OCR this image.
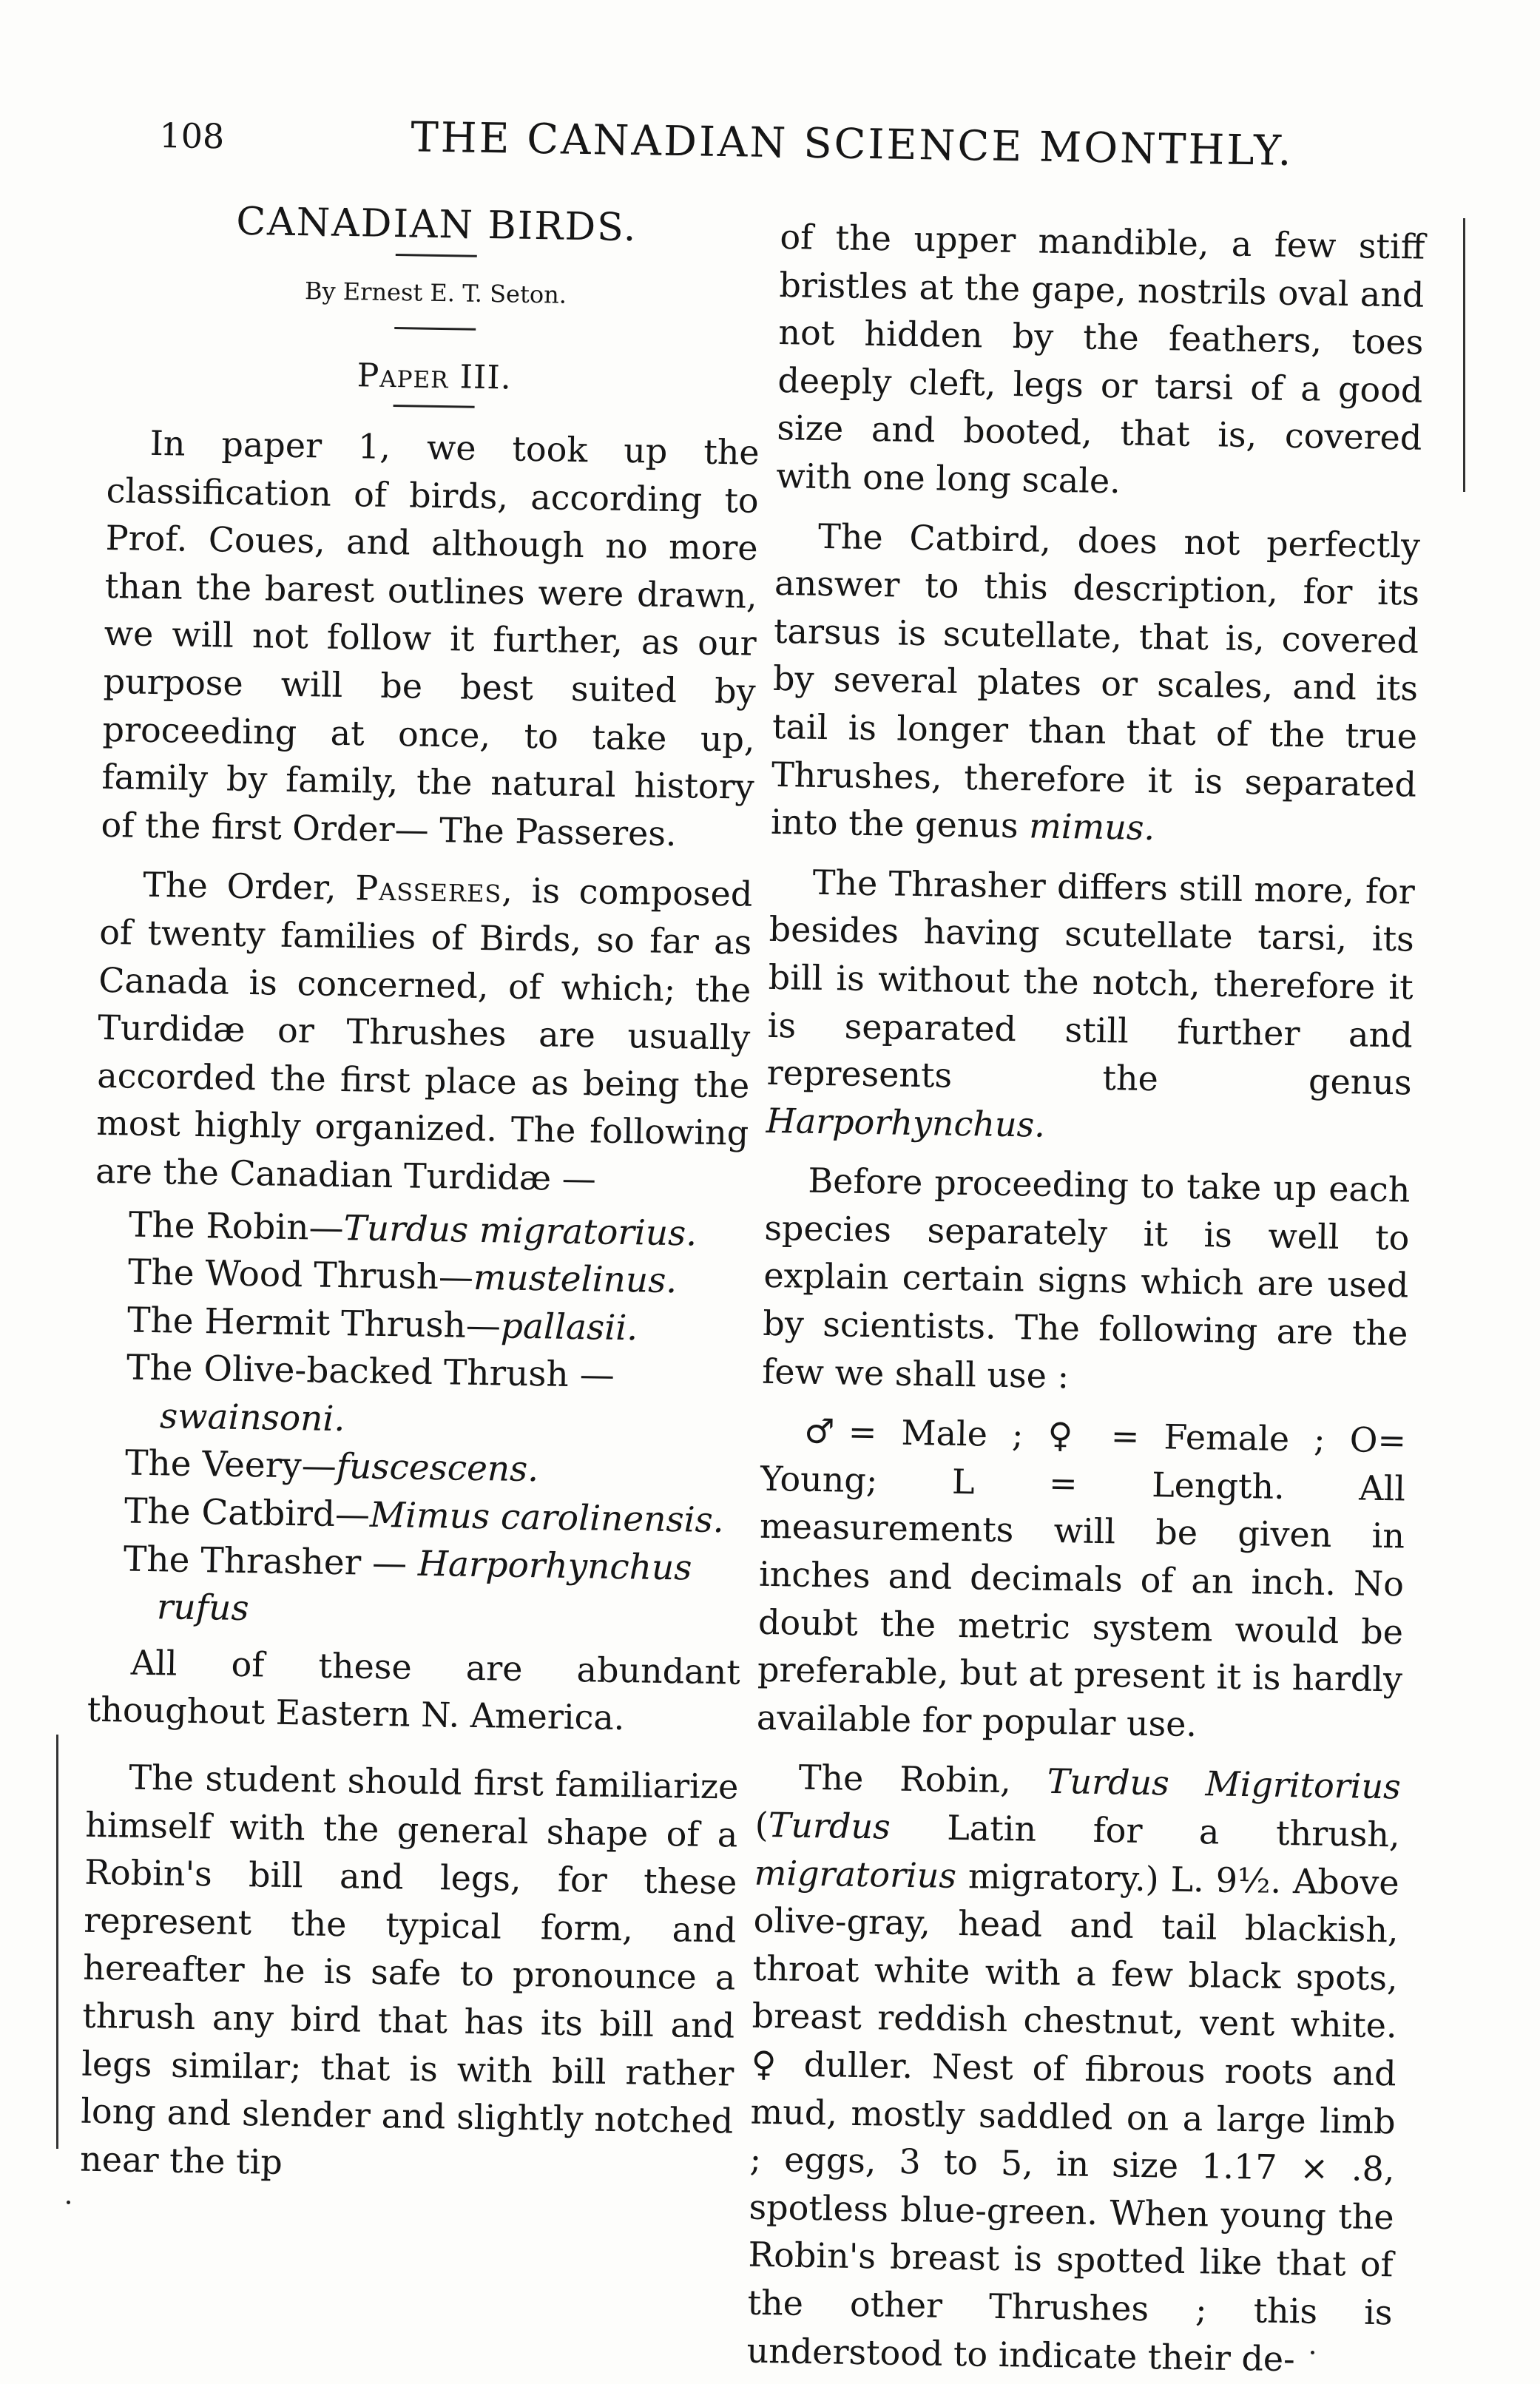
108	THE CANADIAN SCIENCE MONTHLY.
CANADIAN BIRDS.
By Ernest E. T. Seton.
Paper III.

In paper 1, we took up the classification of birds, according to Prof. Coues, and although no more than the barest outlines were drawn, we will not follow it further, as our purpose will be best suited by proceeding at once, to take up, family by family, the natural history of the first Order— The Passeres.

The Order, Passeres, is composed of twenty families of Birds, so far as Canada is concerned, of which; the Turdidæ or Thrushes are usually accorded the first place as being the most highly organized. The following are the Canadian Turdidæ —

The Robin—Turdus migratorius.
The Wood Thrush—mustelinus.
The Hermit Thrush—pallasii.
The Olive-backed Thrush —swainsoni.
The Veery—fuscescens.
The Catbird—Mimus carolinensis.
The Thrasher — Harporhynchus rufus

All of these are abundant thoughout Eastern N. America.

The student should first familiarize himself with the general shape of a Robin's bill and legs, for these represent the typical form, and hereafter he is safe to pronounce a thrush any bird that has its bill and legs similar; that is with bill rather long and slender and slightly notched near the tip

of the upper mandible, a few stiff bristles at the gape, nostrils oval and not hidden by the feathers, toes deeply cleft, legs or tarsi of a good size and booted, that is, covered with one long scale.

The Catbird, does not perfectly answer to this description, for its tarsus is scutellate, that is, covered by several plates or scales, and its tail is longer than that of the true Thrushes, therefore it is separated into the genus mimus.

The Thrasher differs still more, for besides having scutellate tarsi, its bill is without the notch, therefore it is separated still further and represents the genus Harporhynchus.

Before proceeding to take up each species separately it is well to explain certain signs which are used by scientists. The following are the few we shall use :

♂= Male ; ♀ = Female ; O= Young; L = Length. All measurements will be given in inches and decimals of an inch. No doubt the metric system would be preferable, but at present it is hardly available for popular use.

The Robin, Turdus Migritorius (Turdus Latin for a thrush, migratorius migratory.) L. 9½. Above olive-gray, head and tail blackish, throat white with a few black spots, breast reddish chestnut, vent white. ♀ duller. Nest of fibrous roots and mud, mostly saddled on a large limb ; eggs, 3 to 5, in size 1.17 × .8, spotless blue-green. When young the Robin's breast is spotted like that of the other Thrushes ; this is understood to indicate their de-
